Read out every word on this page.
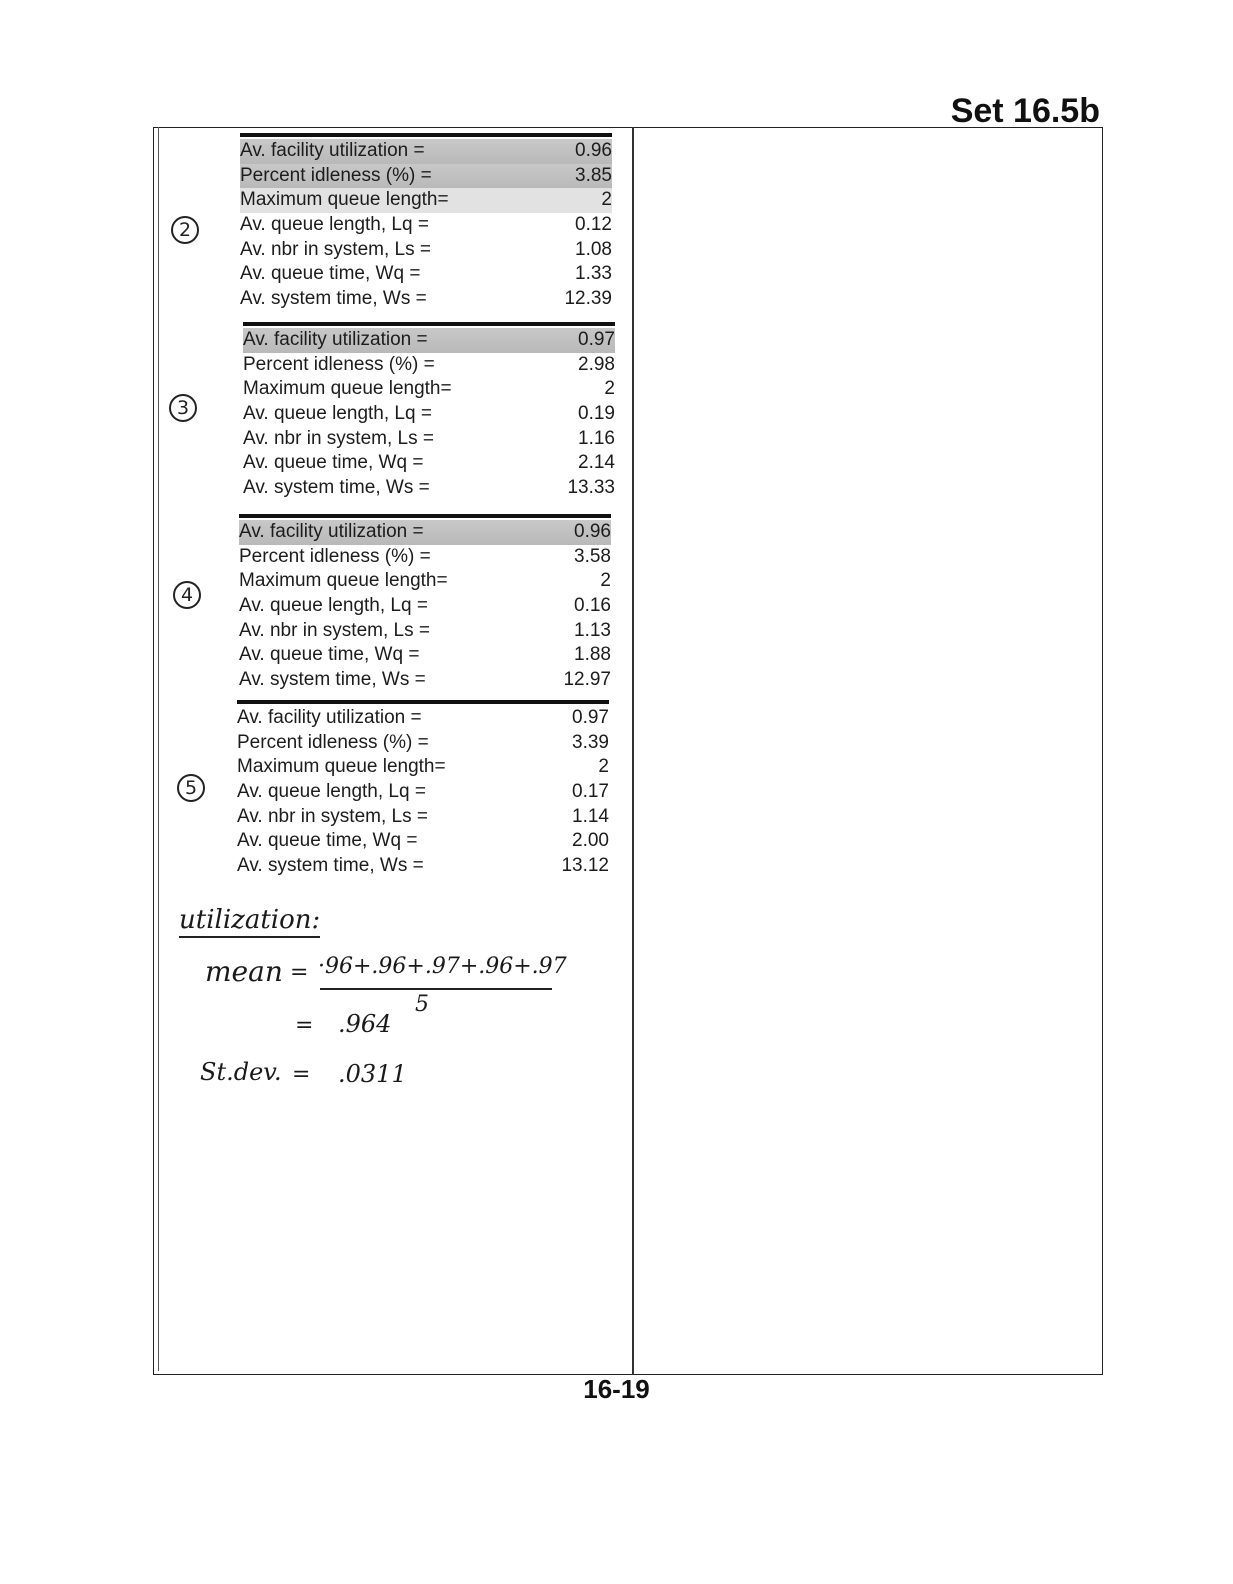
Set 16.5b
2
Av. facility utilization =	0.96
Percent idleness (%) =	3.85
Maximum queue length=	2
Av. queue length, Lq =	0.12
Av. nbr in system, Ls =	1.08
Av. queue time, Wq =	1.33
Av. system time, Ws =	12.39
3
Av. facility utilization =	0.97
Percent idleness (%) =	2.98
Maximum queue length=	2
Av. queue length, Lq =	0.19
Av. nbr in system, Ls =	1.16
Av. queue time, Wq =	2.14
Av. system time, Ws =	13.33
4
Av. facility utilization =	0.96
Percent idleness (%) =	3.58
Maximum queue length=	2
Av. queue length, Lq =	0.16
Av. nbr in system, Ls =	1.13
Av. queue time, Wq =	1.88
Av. system time, Ws =	12.97
5
Av. facility utilization =	0.97
Percent idleness (%) =	3.39
Maximum queue length=	2
Av. queue length, Lq =	0.17
Av. nbr in system, Ls =	1.14
Av. queue time, Wq =	2.00
Av. system time, Ws =	13.12
utilization:
mean = ·96+.96+.97+.96+.97
5
= .964
St.dev. = .0311
16-19
